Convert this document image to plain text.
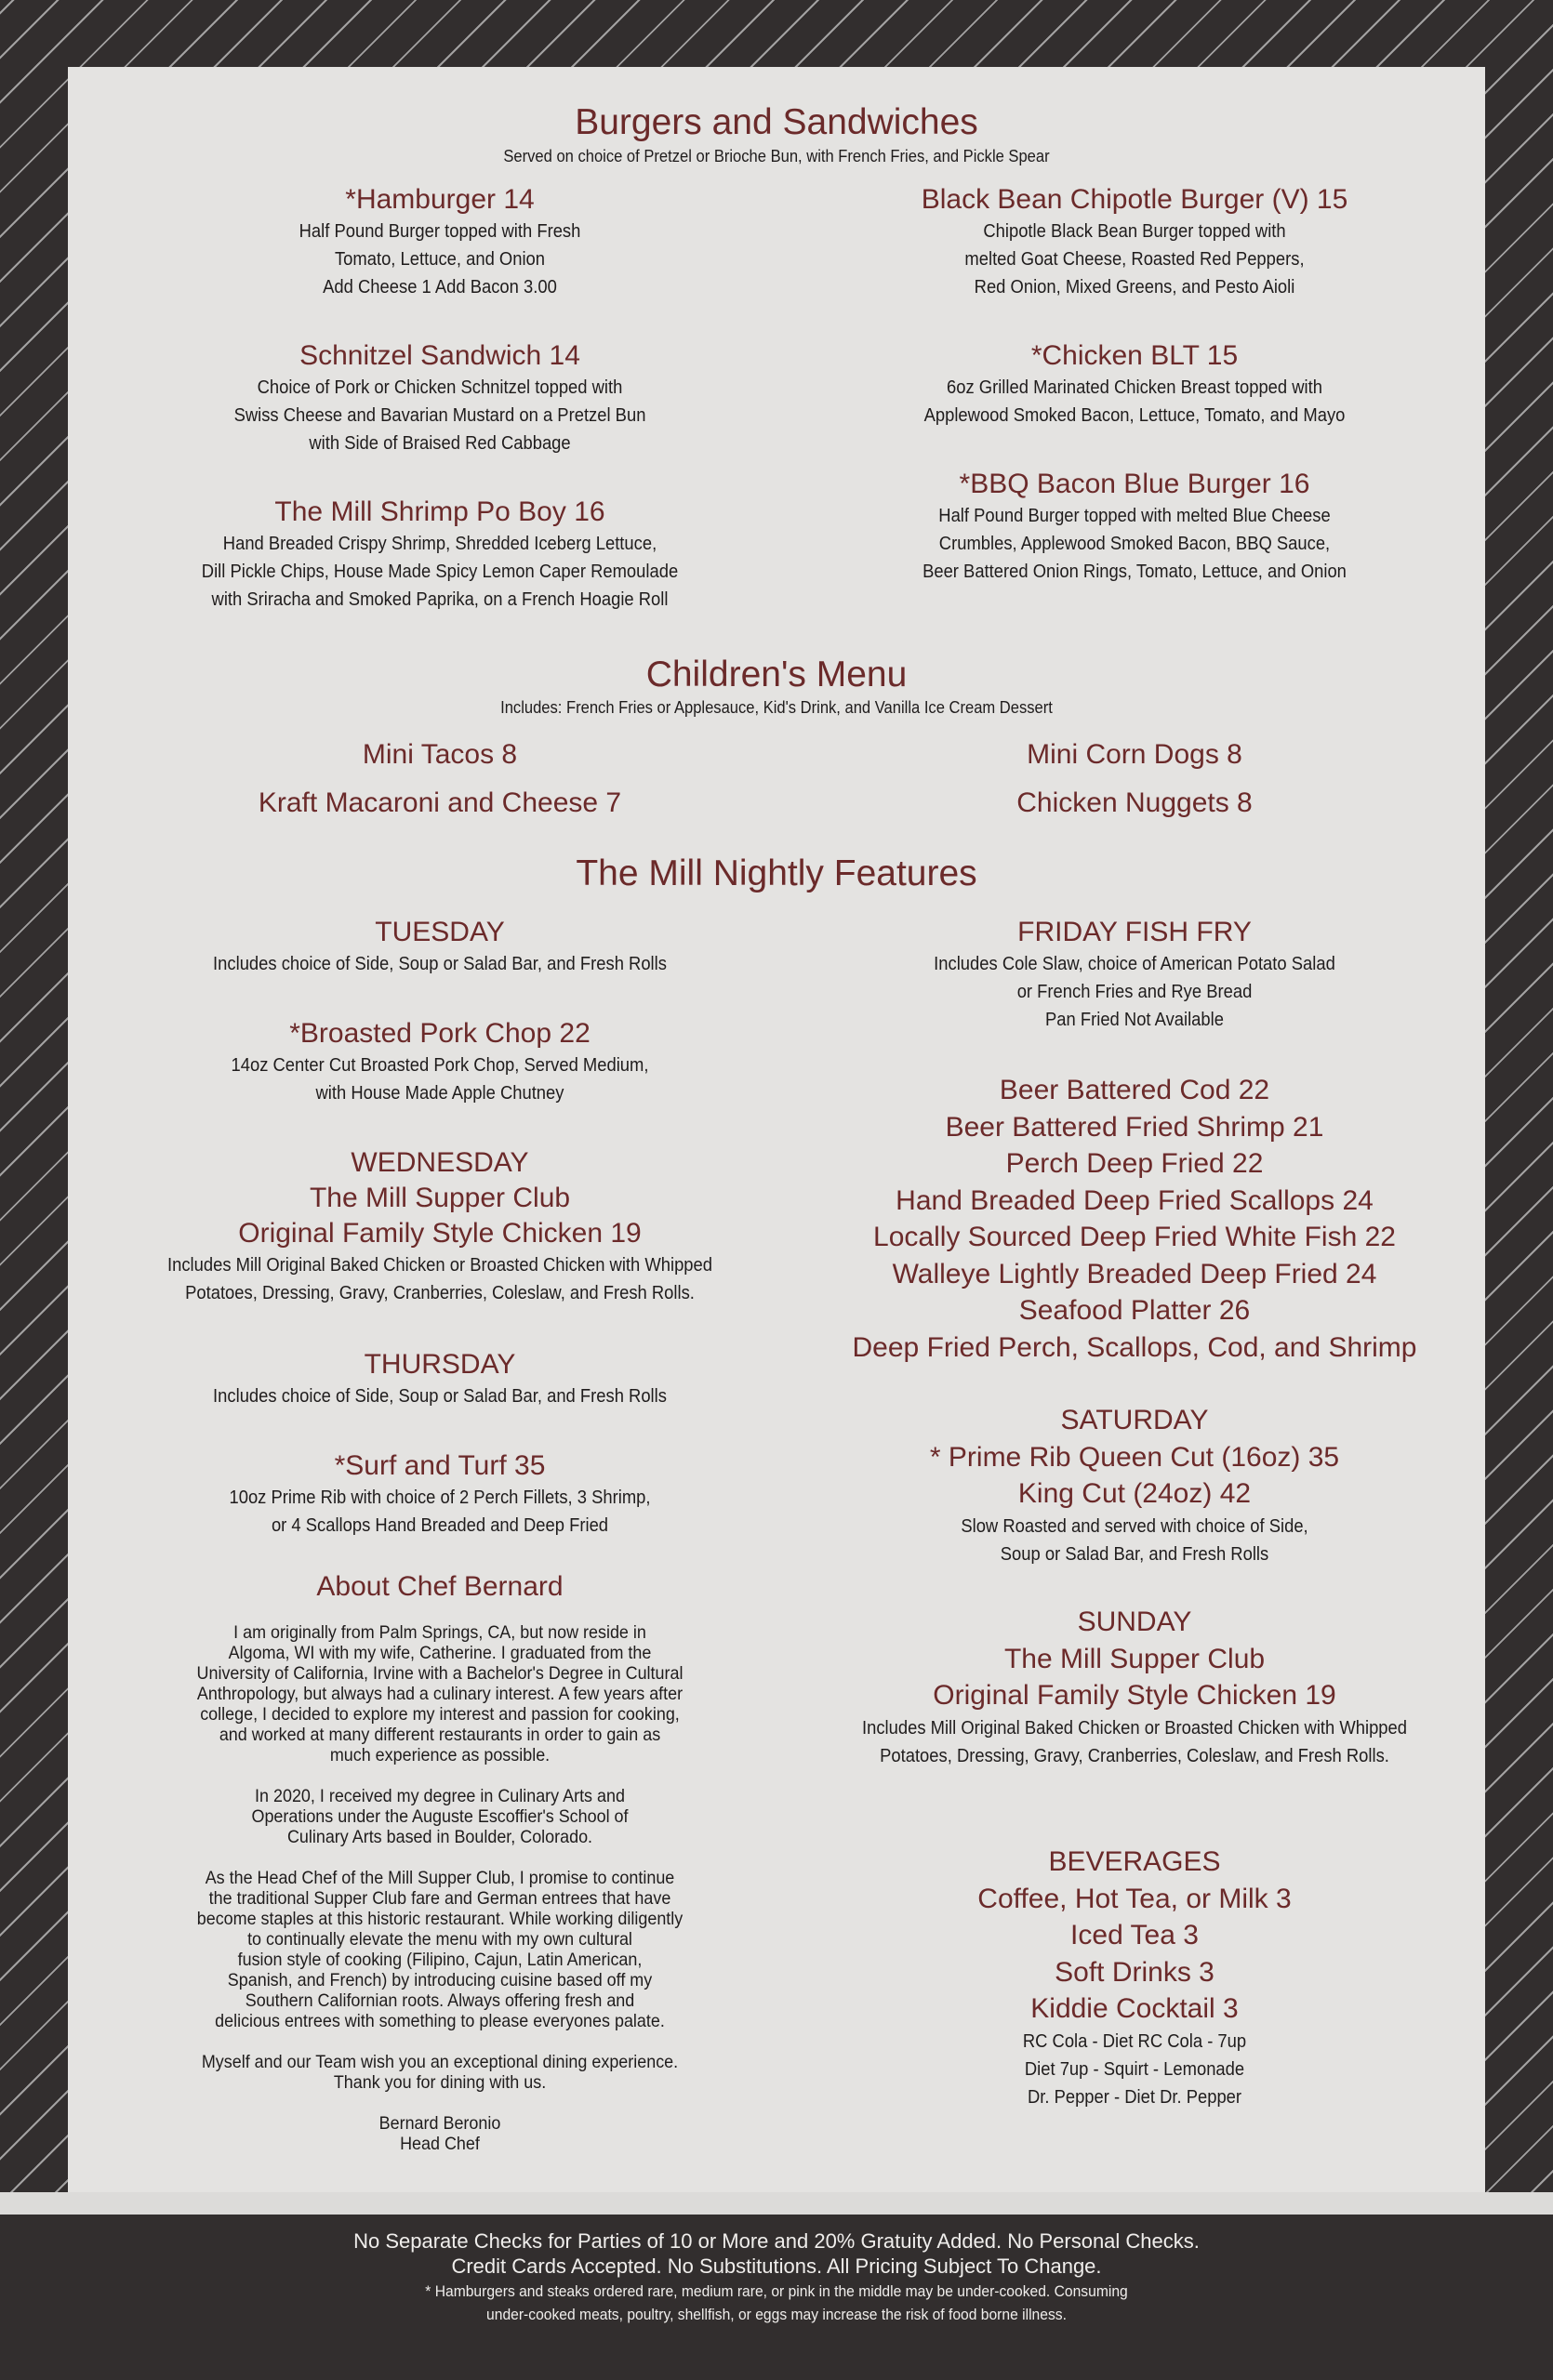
Burgers and Sandwiches
Served on choice of Pretzel or Brioche Bun, with French Fries, and Pickle Spear
*Hamburger 14
Half Pound Burger topped with Fresh
Tomato, Lettuce, and Onion
Add Cheese 1 Add Bacon 3.00
Black Bean Chipotle Burger (V) 15
Chipotle Black Bean Burger topped with
melted Goat Cheese, Roasted Red Peppers,
Red Onion, Mixed Greens, and Pesto Aioli
Schnitzel Sandwich 14
Choice of Pork or Chicken Schnitzel topped with
Swiss Cheese and Bavarian Mustard on a Pretzel Bun
with Side of Braised Red Cabbage
*Chicken BLT 15
6oz Grilled Marinated Chicken Breast topped with
Applewood Smoked Bacon, Lettuce, Tomato, and Mayo
*BBQ Bacon Blue Burger 16
Half Pound Burger topped with melted Blue Cheese
Crumbles, Applewood Smoked Bacon, BBQ Sauce,
Beer Battered Onion Rings, Tomato, Lettuce, and Onion
The Mill Shrimp Po Boy 16
Hand Breaded Crispy Shrimp, Shredded Iceberg Lettuce,
Dill Pickle Chips, House Made Spicy Lemon Caper Remoulade
with Sriracha and Smoked Paprika, on a French Hoagie Roll
Children's Menu
Includes: French Fries or Applesauce, Kid's Drink, and Vanilla Ice Cream Dessert
Mini Tacos 8
Kraft Macaroni and Cheese 7
Mini Corn Dogs 8
Chicken Nuggets 8
The Mill Nightly Features
TUESDAY
Includes choice of Side, Soup or Salad Bar, and Fresh Rolls
*Broasted Pork Chop 22
14oz Center Cut Broasted Pork Chop, Served Medium,
with House Made Apple Chutney
WEDNESDAY
The Mill Supper Club
Original Family Style Chicken 19
Includes Mill Original Baked Chicken or Broasted Chicken with Whipped
Potatoes, Dressing, Gravy, Cranberries, Coleslaw, and Fresh Rolls.
THURSDAY
Includes choice of Side, Soup or Salad Bar, and Fresh Rolls
*Surf and Turf 35
10oz Prime Rib with choice of 2 Perch Fillets, 3 Shrimp,
or 4 Scallops Hand Breaded and Deep Fried
About Chef Bernard

I am originally from Palm Springs, CA, but now reside in
Algoma, WI with my wife, Catherine. I graduated from the
University of California, Irvine with a Bachelor's Degree in Cultural
Anthropology, but always had a culinary interest. A few years after
college, I decided to explore my interest and passion for cooking,
and worked at many different restaurants in order to gain as
much experience as possible.

In 2020, I received my degree in Culinary Arts and
Operations under the Auguste Escoffier's School of
Culinary Arts based in Boulder, Colorado.

As the Head Chef of the Mill Supper Club, I promise to continue
the traditional Supper Club fare and German entrees that have
become staples at this historic restaurant. While working diligently
to continually elevate the menu with my own cultural
fusion style of cooking (Filipino, Cajun, Latin American,
Spanish, and French) by introducing cuisine based off my
Southern Californian roots. Always offering fresh and
delicious entrees with something to please everyones palate.

Myself and our Team wish you an exceptional dining experience.
Thank you for dining with us.

Bernard Beronio
Head Chef

FRIDAY FISH FRY
Includes Cole Slaw, choice of American Potato Salad
or French Fries and Rye Bread
Pan Fried Not Available
Beer Battered Cod 22
Beer Battered Fried Shrimp 21
Perch Deep Fried 22
Hand Breaded Deep Fried Scallops 24
Locally Sourced Deep Fried White Fish 22
Walleye Lightly Breaded Deep Fried 24
Seafood Platter 26
Deep Fried Perch, Scallops, Cod, and Shrimp
SATURDAY
* Prime Rib Queen Cut (16oz) 35
King Cut (24oz) 42
Slow Roasted and served with choice of Side,
Soup or Salad Bar, and Fresh Rolls
SUNDAY
The Mill Supper Club
Original Family Style Chicken 19
Includes Mill Original Baked Chicken or Broasted Chicken with Whipped
Potatoes, Dressing, Gravy, Cranberries, Coleslaw, and Fresh Rolls.
BEVERAGES
Coffee, Hot Tea, or Milk 3
Iced Tea 3
Soft Drinks 3
Kiddie Cocktail 3
RC Cola - Diet RC Cola - 7up
Diet 7up - Squirt - Lemonade
Dr. Pepper - Diet Dr. Pepper
No Separate Checks for Parties of 10 or More and 20% Gratuity Added. No Personal Checks.
Credit Cards Accepted. No Substitutions. All Pricing Subject To Change.
* Hamburgers and steaks ordered rare, medium rare, or pink in the middle may be under-cooked. Consuming
under-cooked meats, poultry, shellfish, or eggs may increase the risk of food borne illness.
